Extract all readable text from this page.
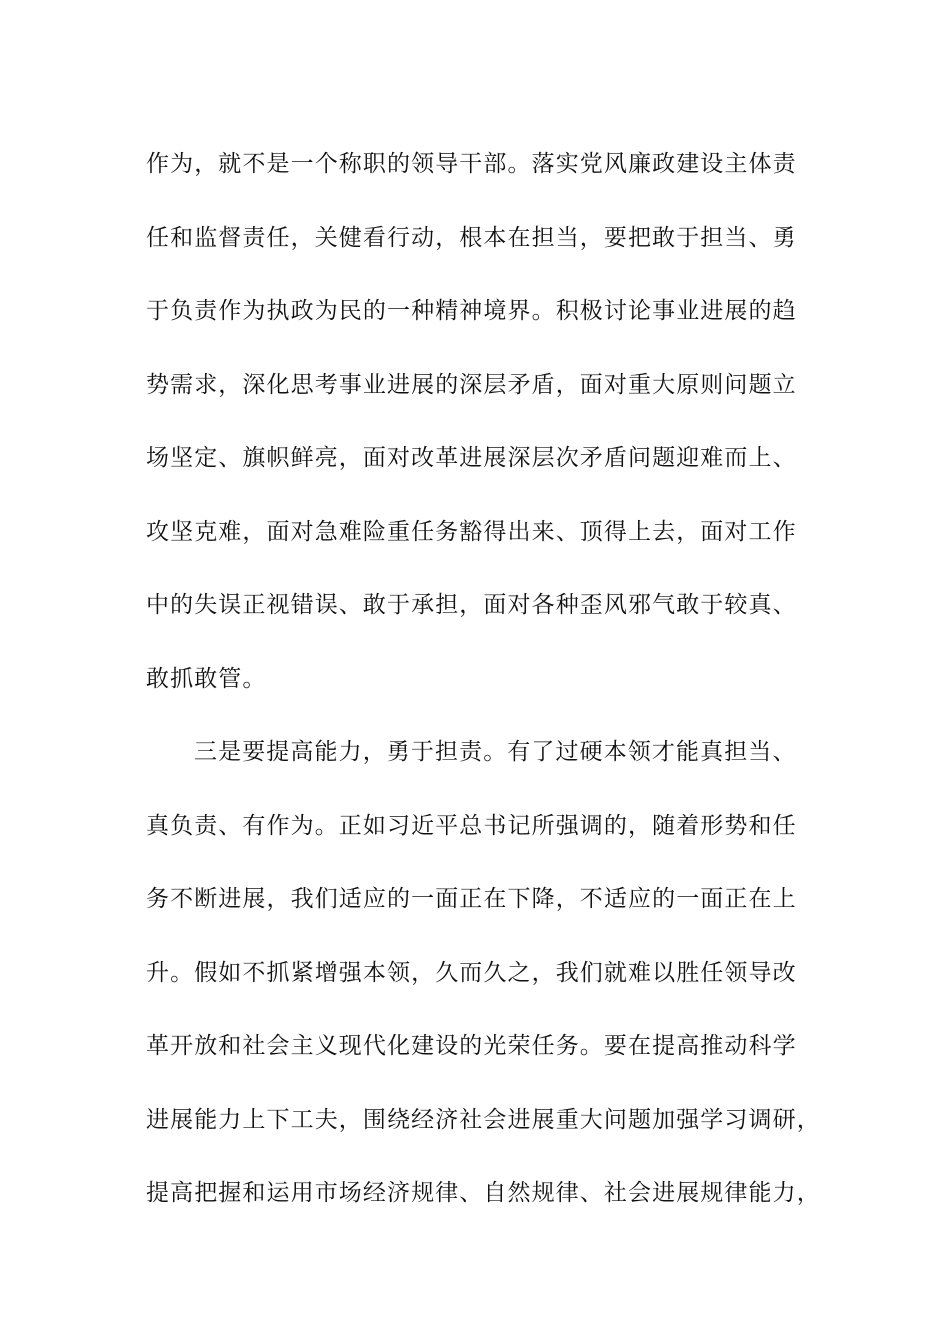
作为，就不是一个称职的领导干部。落实党风廉政建设主体责
任和监督责任，关健看行动，根本在担当，要把敢于担当、勇
于负责作为执政为民的一种精神境界。积极讨论事业进展的趋
势需求，深化思考事业进展的深层矛盾，面对重大原则问题立
场坚定、旗帜鲜亮，面对改革进展深层次矛盾问题迎难而上、
攻坚克难，面对急难险重任务豁得出来、顶得上去，面对工作
中的失误正视错误、敢于承担，面对各种歪风邪气敢于较真、
敢抓敢管。
三是要提高能力，勇于担责。有了过硬本领才能真担当、
真负责、有作为。正如习近平总书记所强调的，随着形势和任
务不断进展，我们适应的一面正在下降，不适应的一面正在上
升。假如不抓紧增强本领，久而久之，我们就难以胜任领导改
革开放和社会主义现代化建设的光荣任务。要在提高推动科学
进展能力上下工夫，围绕经济社会进展重大问题加强学习调研，
提高把握和运用市场经济规律、自然规律、社会进展规律能力，
